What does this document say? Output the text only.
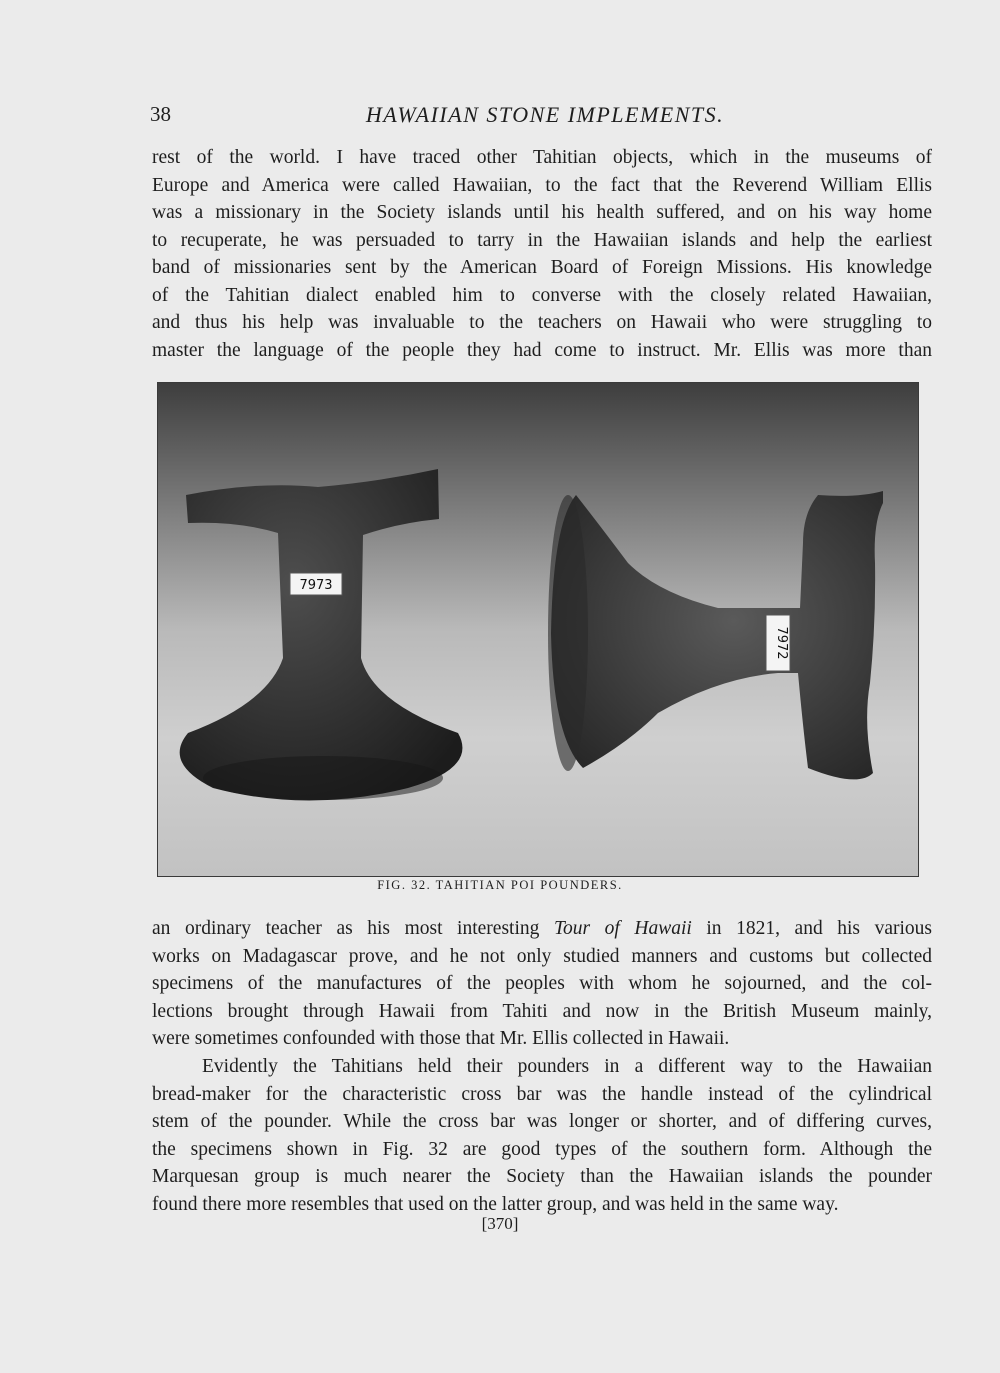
38	HAWAIIAN STONE IMPLEMENTS.
rest of the world. I have traced other Tahitian objects, which in the museums of
Europe and America were called Hawaiian, to the fact that the Reverend William Ellis
was a missionary in the Society islands until his health suffered, and on his way home
to recuperate, he was persuaded to tarry in the Hawaiian islands and help the earliest
band of missionaries sent by the American Board of Foreign Missions. His knowledge
of the Tahitian dialect enabled him to converse with the closely related Hawaiian,
and thus his help was invaluable to the teachers on Hawaii who were struggling to
master the language of the people they had come to instruct. Mr. Ellis was more than
7973
7972
FIG. 32. TAHITIAN POI POUNDERS.
an ordinary teacher as his most interesting Tour of Hawaii in 1821, and his various
works on Madagascar prove, and he not only studied manners and customs but collected
specimens of the manufactures of the peoples with whom he sojourned, and the col-
lections brought through Hawaii from Tahiti and now in the British Museum mainly,
were sometimes confounded with those that Mr. Ellis collected in Hawaii.
Evidently the Tahitians held their pounders in a different way to the Hawaiian
bread-maker for the characteristic cross bar was the handle instead of the cylindrical
stem of the pounder. While the cross bar was longer or shorter, and of differing curves,
the specimens shown in Fig. 32 are good types of the southern form. Although the
Marquesan group is much nearer the Society than the Hawaiian islands the pounder
found there more resembles that used on the latter group, and was held in the same way.
[370]
